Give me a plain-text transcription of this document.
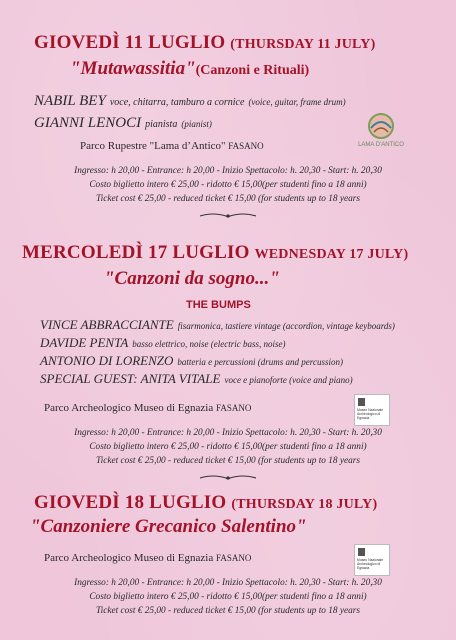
GIOVEDÌ 11 LUGLIO (THURSDAY 11 JULY)
"Mutawassitia"(Canzoni e Rituali)
NABIL BEY voce, chitarra, tamburo a cornice (voice, guitar, frame drum)
GIANNI LENOCI pianista (pianist)
Parco Rupestre "Lama d’Antico" FASANO	LAMA D'ANTICO
Ingresso: h 20,00 - Entrance: h 20,00 - Inizio Spettacolo: h. 20,30 - Start: h. 20,30
Costo biglietto intero € 25,00 - ridotto € 15,00(per studenti fino a 18 anni)
Ticket cost € 25,00 - reduced ticket € 15,00 (for students up to 18 years
MERCOLEDÌ 17 LUGLIO WEDNESDAY 17 JULY)
"Canzoni da sogno..."
THE BUMPS
VINCE ABBRACCIANTE fisarmonica, tastiere vintage (accordion, vintage keyboards)
DAVIDE PENTA basso elettrico, noise (electric bass, noise)
ANTONIO DI LORENZO batteria e percussioni (drums and percussion)
SPECIAL GUEST: ANITA VITALE voce e pianoforte (voice and piano)
Parco Archeologico Museo di Egnazia FASANO	Museo Nazionale Archeologico di Egnazia
Ingresso: h 20,00 - Entrance: h 20,00 - Inizio Spettacolo: h. 20,30 - Start: h. 20,30
Costo biglietto intero € 25,00 - ridotto € 15,00(per studenti fino a 18 anni)
Ticket cost € 25,00 - reduced ticket € 15,00 (for students up to 18 years
GIOVEDÌ 18 LUGLIO (THURSDAY 18 JULY)
"Canzoniere Grecanico Salentino"
Parco Archeologico Museo di Egnazia FASANO	Museo Nazionale Archeologico di Egnazia
Ingresso: h 20,00 - Entrance: h 20,00 - Inizio Spettacolo: h. 20,30 - Start: h. 20,30
Costo biglietto intero € 25,00 - ridotto € 15,00(per studenti fino a 18 anni)
Ticket cost € 25,00 - reduced ticket € 15,00 (for students up to 18 years
